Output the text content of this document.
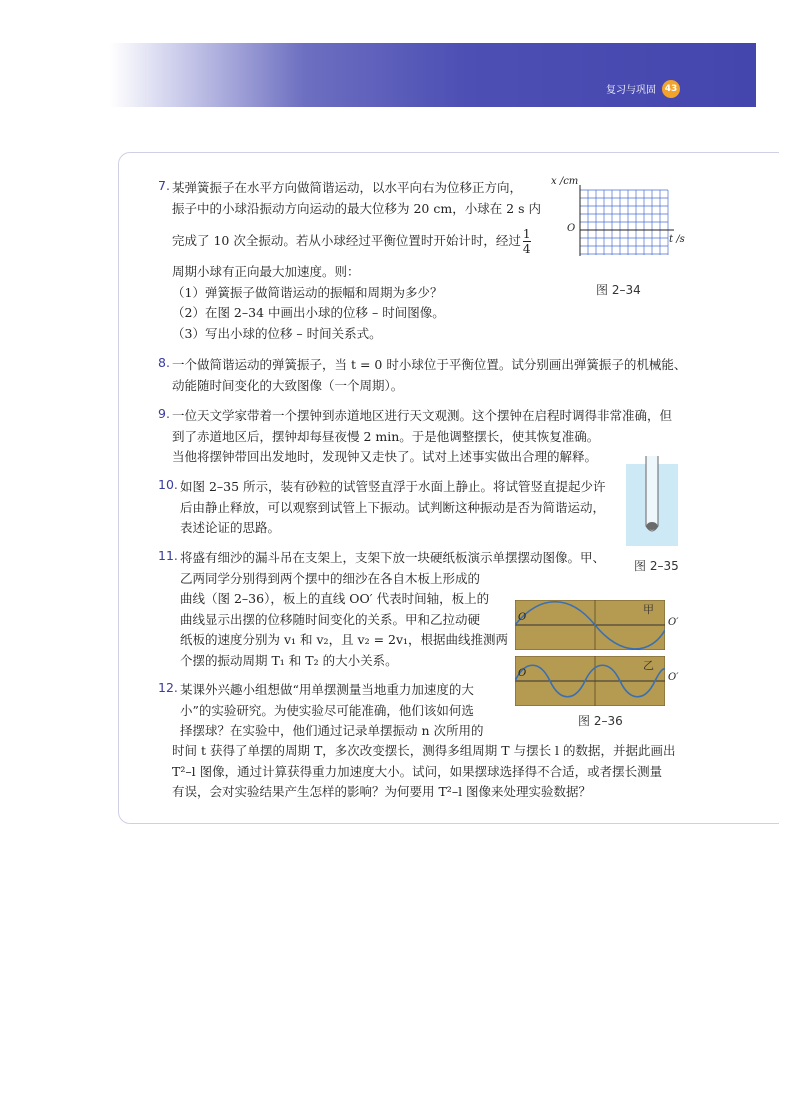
复习与巩固 43
7. 某弹簧振子在水平方向做简谐运动，以水平向右为位移正方向，
振子中的小球沿振动方向运动的最大位移为 20 cm，小球在 2 s 内
完成了 10 次全振动。若从小球经过平衡位置时开始计时，经过 $\frac{1}{4}$
周期小球有正向最大加速度。则：
（1）弹簧振子做简谐运动的振幅和周期为多少？
（2）在图 2–34 中画出小球的位移 – 时间图像。
（3）写出小球的位移 – 时间关系式。
x /cm
t /s
O
图 2–34
8. 一个做简谐运动的弹簧振子，当 t = 0 时小球位于平衡位置。试分别画出弹簧振子的机械能、
动能随时间变化的大致图像（一个周期）。
9. 一位天文学家带着一个摆钟到赤道地区进行天文观测。这个摆钟在启程时调得非常准确，但
到了赤道地区后，摆钟却每昼夜慢 2 min。于是他调整摆长，使其恢复准确。
当他将摆钟带回出发地时，发现钟又走快了。试对上述事实做出合理的解释。
图 2–35
10. 如图 2–35 所示，装有砂粒的试管竖直浮于水面上静止。将试管竖直提起少许
后由静止释放，可以观察到试管上下振动。试判断这种振动是否为简谐运动，
表述论证的思路。
11. 将盛有细沙的漏斗吊在支架上，支架下放一块硬纸板演示单摆摆动图像。甲、
乙两同学分别得到两个摆中的细沙在各自木板上形成的
曲线（图 2–36），板上的直线 OO′ 代表时间轴，板上的
曲线显示出摆的位移随时间变化的关系。甲和乙拉动硬
纸板的速度分别为 v₁ 和 v₂，且 v₂ = 2v₁，根据曲线推测两
个摆的振动周期 T₁ 和 T₂ 的大小关系。
O	O′
甲
O	O′
乙
图 2–36
12. 某课外兴趣小组想做“用单摆测量当地重力加速度的大
小”的实验研究。为使实验尽可能准确，他们该如何选
择摆球？在实验中，他们通过记录单摆振动 n 次所用的
时间 t 获得了单摆的周期 T，多次改变摆长，测得多组周期 T 与摆长 l 的数据，并据此画出
T²–l 图像，通过计算获得重力加速度大小。试问，如果摆球选择得不合适，或者摆长测量
有误，会对实验结果产生怎样的影响？为何要用 T²–l 图像来处理实验数据？
